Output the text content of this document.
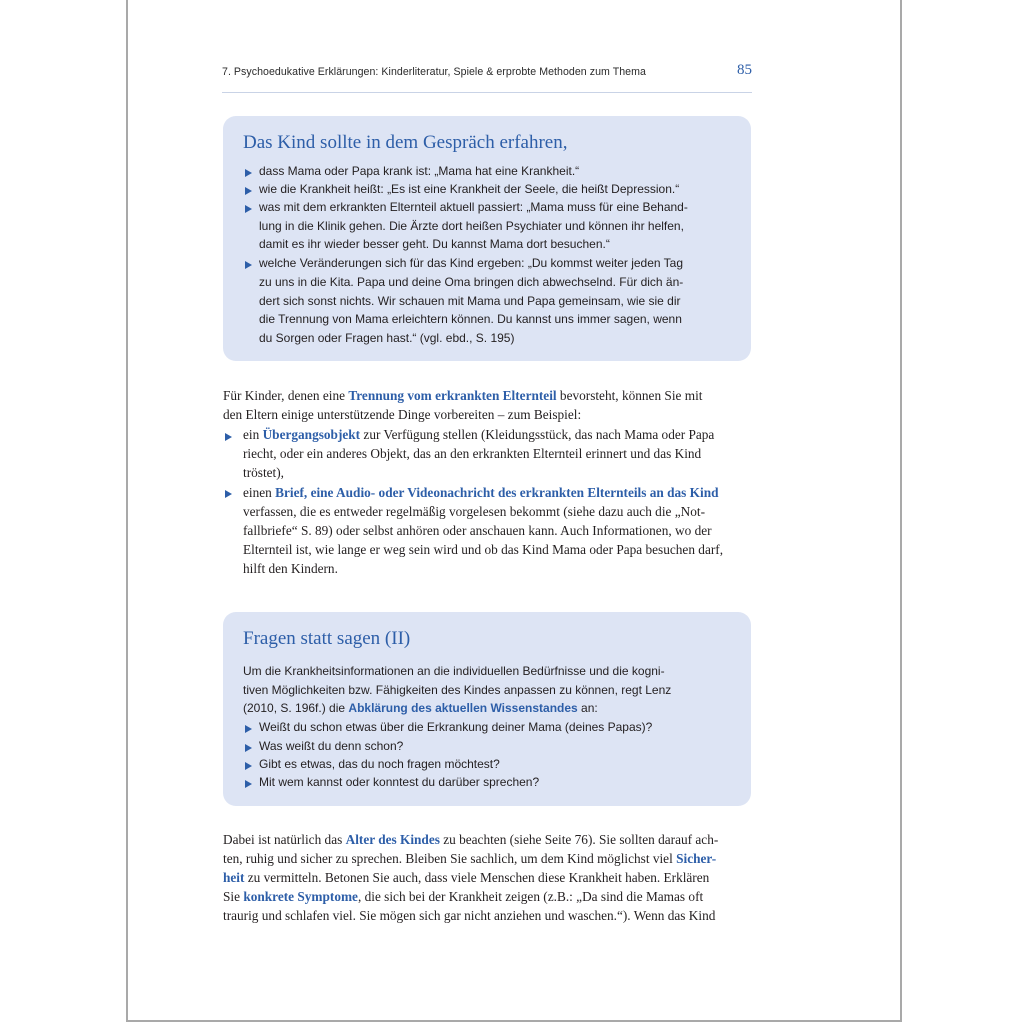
7. Psychoedukative Erklärungen: Kinderliteratur, Spiele & erprobte Methoden zum Thema	85
Das Kind sollte in dem Gespräch erfahren,
dass Mama oder Papa krank ist: „Mama hat eine Krankheit.“
wie die Krankheit heißt: „Es ist eine Krankheit der Seele, die heißt Depression.“
was mit dem erkrankten Elternteil aktuell passiert: „Mama muss für eine Behand-
lung in die Klinik gehen. Die Ärzte dort heißen Psychiater und können ihr helfen,
damit es ihr wieder besser geht. Du kannst Mama dort besuchen.“
welche Veränderungen sich für das Kind ergeben: „Du kommst weiter jeden Tag
zu uns in die Kita. Papa und deine Oma bringen dich abwechselnd. Für dich än-
dert sich sonst nichts. Wir schauen mit Mama und Papa gemeinsam, wie sie dir
die Trennung von Mama erleichtern können. Du kannst uns immer sagen, wenn
du Sorgen oder Fragen hast.“ (vgl. ebd., S. 195)
Für Kinder, denen eine Trennung vom erkrankten Elternteil bevorsteht, können Sie mit
den Eltern einige unterstützende Dinge vorbereiten – zum Beispiel:
ein Übergangsobjekt zur Verfügung stellen (Kleidungsstück, das nach Mama oder Papa
riecht, oder ein anderes Objekt, das an den erkrankten Elternteil erinnert und das Kind
tröstet),
einen Brief, eine Audio- oder Videonachricht des erkrankten Elternteils an das Kind
verfassen, die es entweder regelmäßig vorgelesen bekommt (siehe dazu auch die „Not-
fallbriefe“ S. 89) oder selbst anhören oder anschauen kann. Auch Informationen, wo der
Elternteil ist, wie lange er weg sein wird und ob das Kind Mama oder Papa besuchen darf,
hilft den Kindern.
Fragen statt sagen (II)
Um die Krankheitsinformationen an die individuellen Bedürfnisse und die kogni-
tiven Möglichkeiten bzw. Fähigkeiten des Kindes anpassen zu können, regt Lenz
(2010, S. 196f.) die Abklärung des aktuellen Wissenstandes an:
Weißt du schon etwas über die Erkrankung deiner Mama (deines Papas)?
Was weißt du denn schon?
Gibt es etwas, das du noch fragen möchtest?
Mit wem kannst oder konntest du darüber sprechen?
Dabei ist natürlich das Alter des Kindes zu beachten (siehe Seite 76). Sie sollten darauf ach-
ten, ruhig und sicher zu sprechen. Bleiben Sie sachlich, um dem Kind möglichst viel Sicher-
heit zu vermitteln. Betonen Sie auch, dass viele Menschen diese Krankheit haben. Erklären
Sie konkrete Symptome, die sich bei der Krankheit zeigen (z.B.: „Da sind die Mamas oft
traurig und schlafen viel. Sie mögen sich gar nicht anziehen und waschen.“). Wenn das Kind
